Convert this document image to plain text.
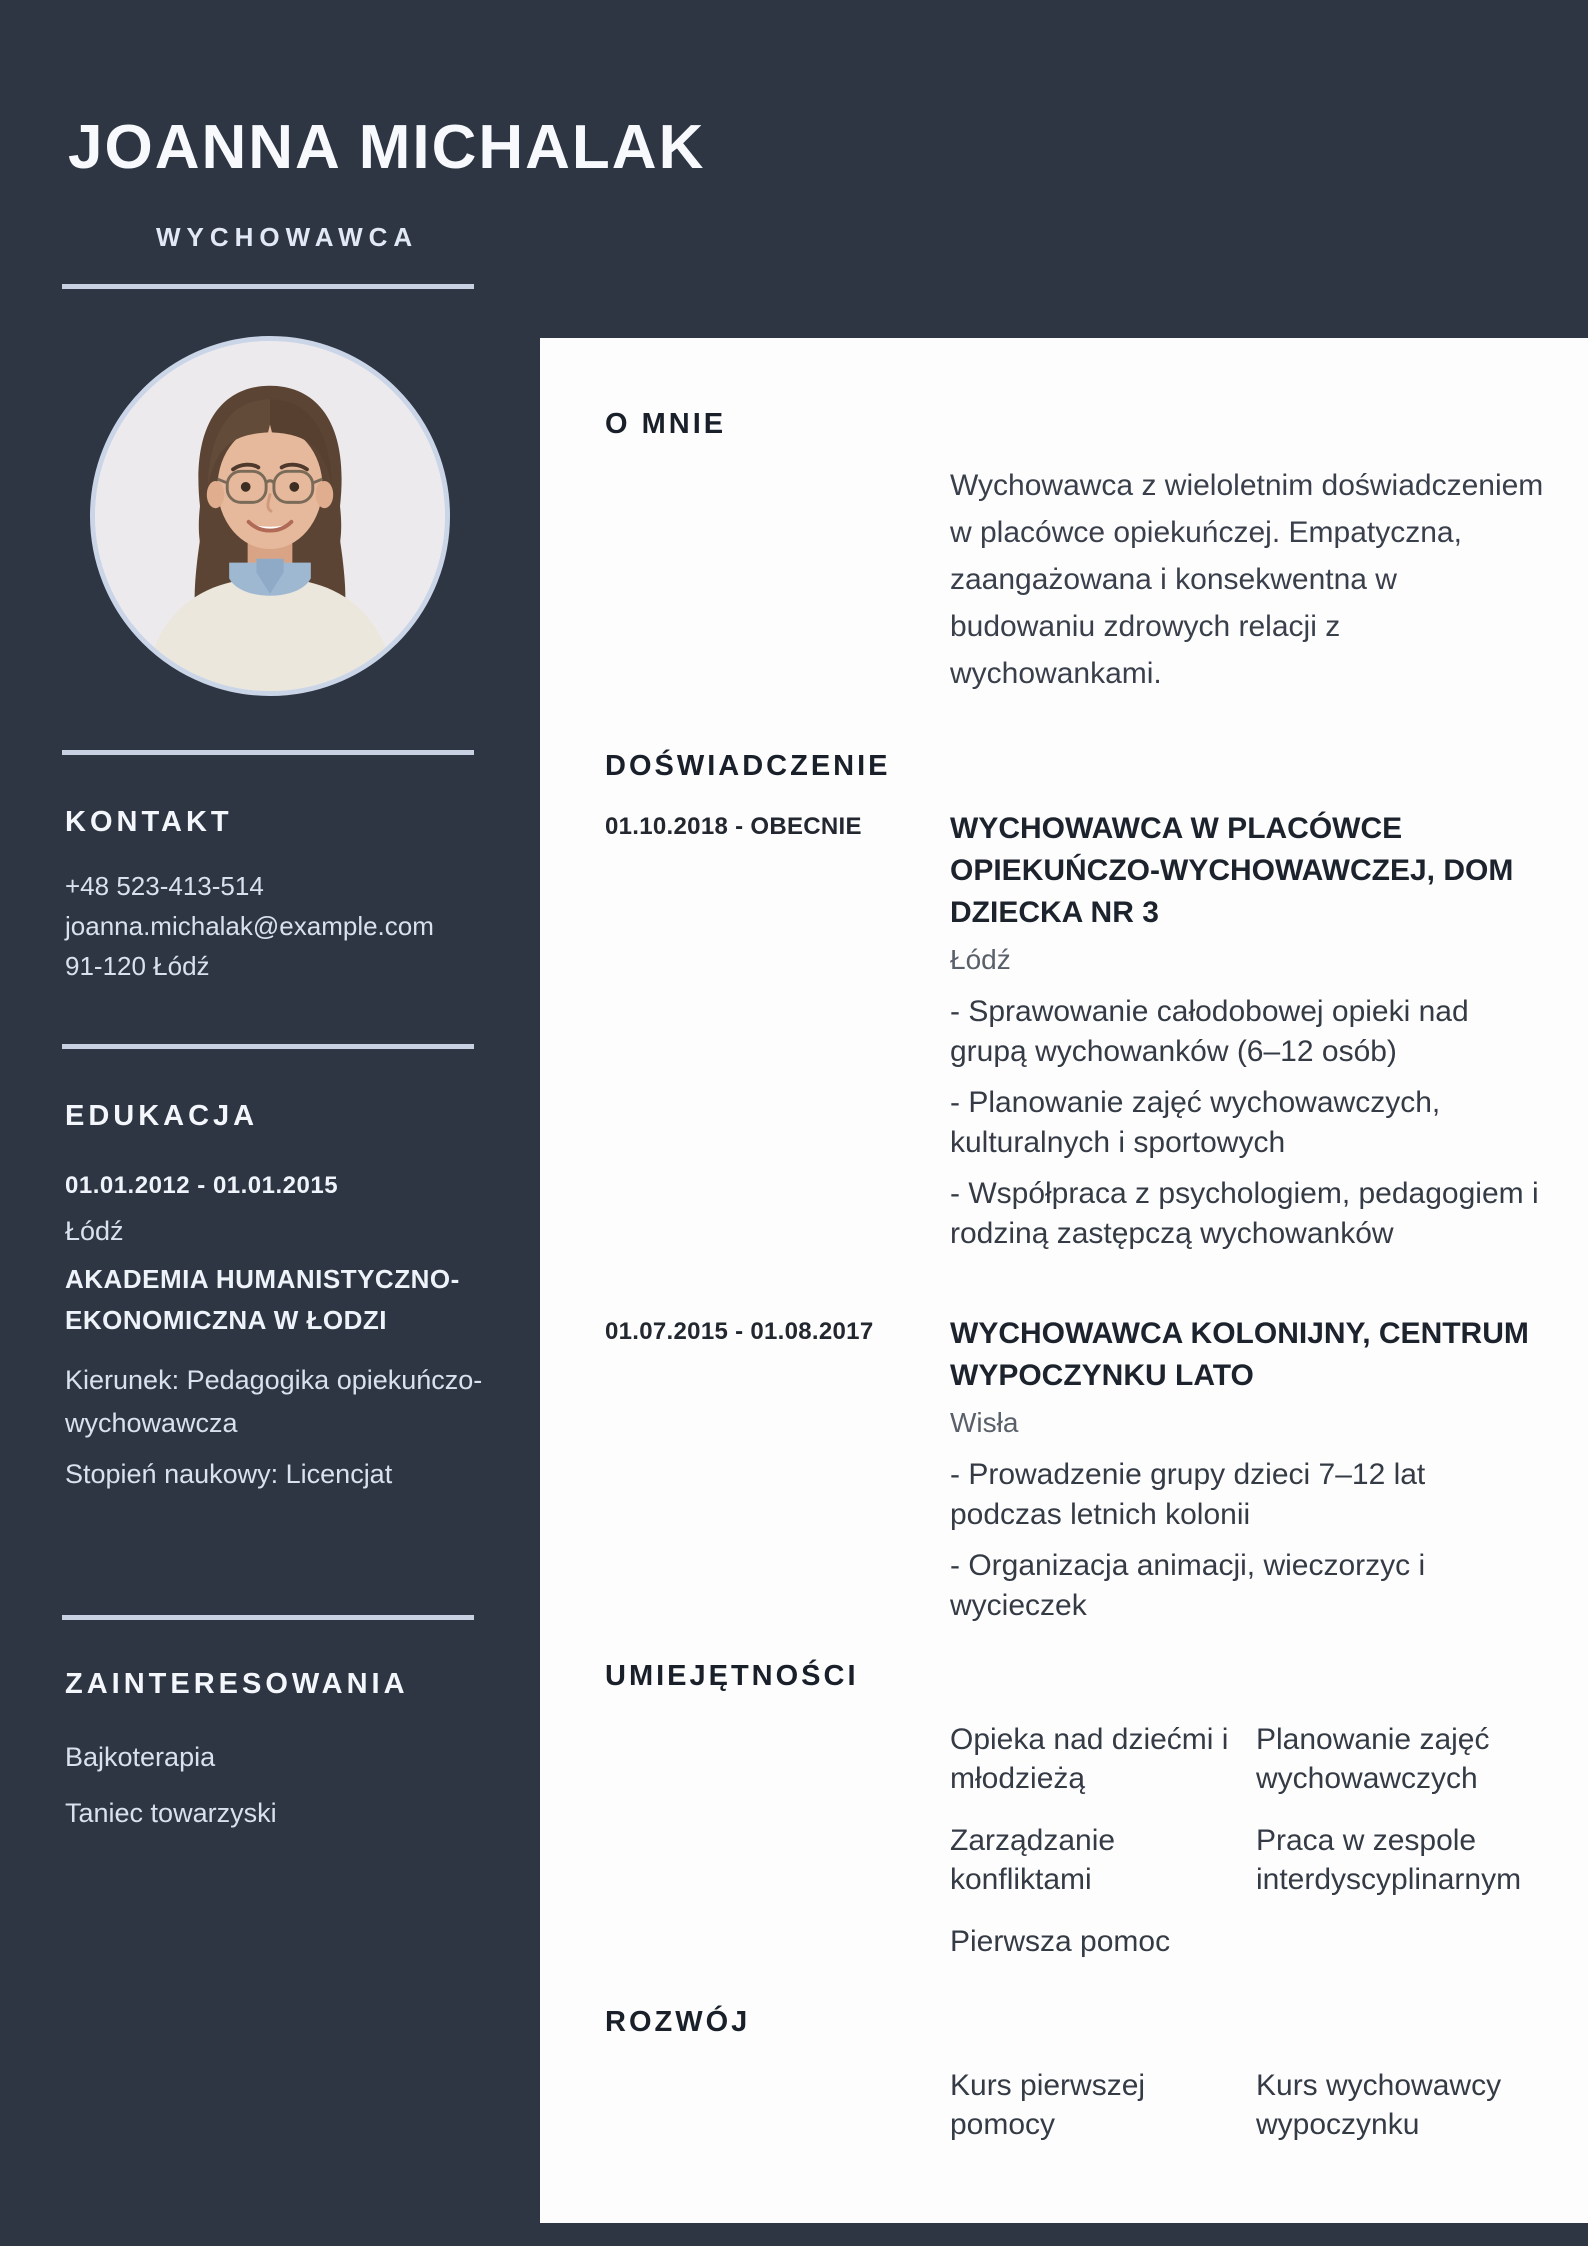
JOANNA MICHALAK
WYCHOWAWCA
KONTAKT
+48 523-413-514
joanna.michalak@example.com
91-120 Łódź
EDUKACJA
01.01.2012 - 01.01.2015
Łódź
AKADEMIA HUMANISTYCZNO-EKONOMICZNA W ŁODZI
Kierunek: Pedagogika opiekuńczo-wychowawcza
Stopień naukowy: Licencjat
ZAINTERESOWANIA
Bajkoterapia
Taniec towarzyski
O MNIE
Wychowawca z wieloletnim doświadczeniem w placówce opiekuńczej. Empatyczna, zaangażowana i konsekwentna w budowaniu zdrowych relacji z wychowankami.
DOŚWIADCZENIE
01.10.2018 - OBECNIE	WYCHOWAWCA W PLACÓWCE OPIEKUŃCZO-WYCHOWAWCZEJ, DOM DZIECKA NR 3
Łódź
- Sprawowanie całodobowej opieki nad grupą wychowanków (6–12 osób)
- Planowanie zajęć wychowawczych, kulturalnych i sportowych
- Współpraca z psychologiem, pedagogiem i rodziną zastępczą wychowanków
01.07.2015 - 01.08.2017	WYCHOWAWCA KOLONIJNY, CENTRUM WYPOCZYNKU LATO
Wisła
- Prowadzenie grupy dzieci 7–12 lat podczas letnich kolonii
- Organizacja animacji, wieczorzyc i wycieczek
UMIEJĘTNOŚCI
Opieka nad dziećmi i młodzieżą
Zarządzanie konfliktami
Pierwsza pomoc
Planowanie zajęć wychowawczych
Praca w zespole interdyscyplinarnym
ROZWÓJ
Kurs pierwszej pomocy
Kurs wychowawcy wypoczynku
